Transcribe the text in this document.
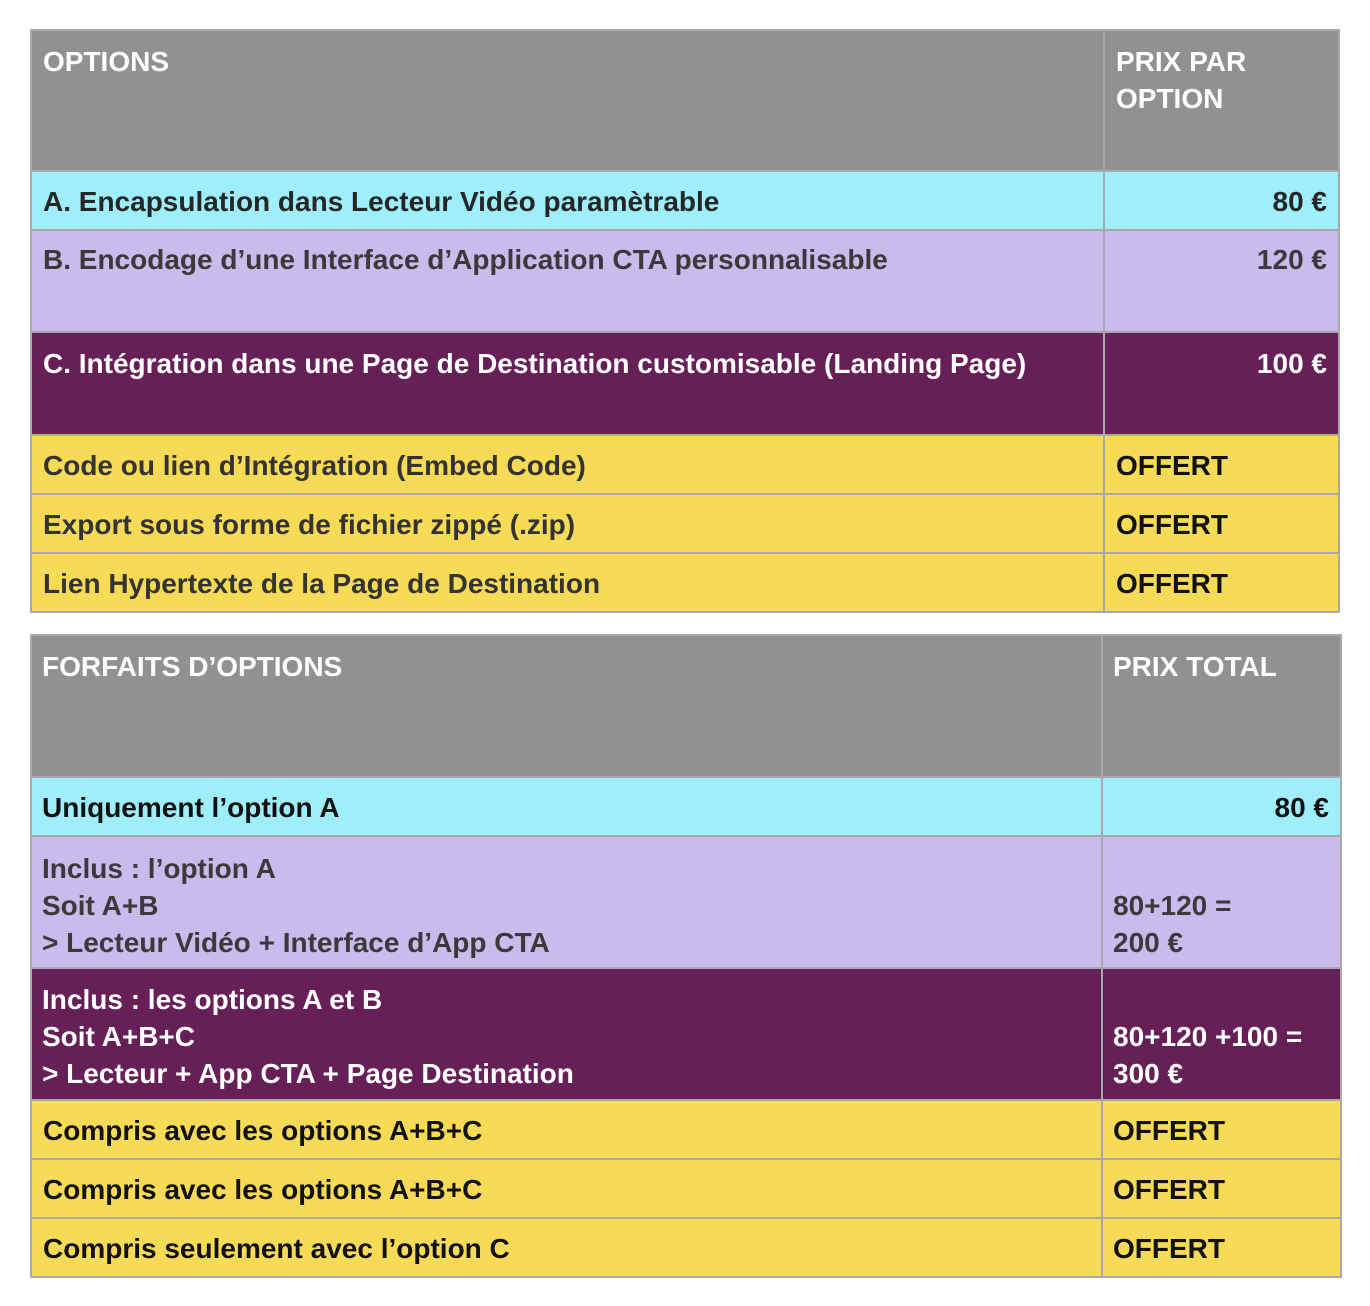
OPTIONS	PRIX PAR
OPTION
A. Encapsulation dans Lecteur Vidéo paramètrable	80 €
B. Encodage d’une Interface d’Application CTA personnalisable	120 €
C. Intégration dans une Page de Destination customisable (Landing Page)	100 €
Code ou lien d’Intégration (Embed Code)	OFFERT
Export sous forme de fichier zippé (.zip)	OFFERT
Lien Hypertexte de la Page de Destination	OFFERT
FORFAITS D’OPTIONS	PRIX TOTAL
Uniquement l’option A	80 €
Inclus : l’option A
Soit A+B
> Lecteur Vidéo + Interface d’App CTA	80+120 =
200 €
Inclus : les options A et B
Soit A+B+C
> Lecteur + App CTA + Page Destination	80+120 +100 =
300 €
Compris avec les options A+B+C	OFFERT
Compris avec les options A+B+C	OFFERT
Compris seulement avec l’option C	OFFERT
